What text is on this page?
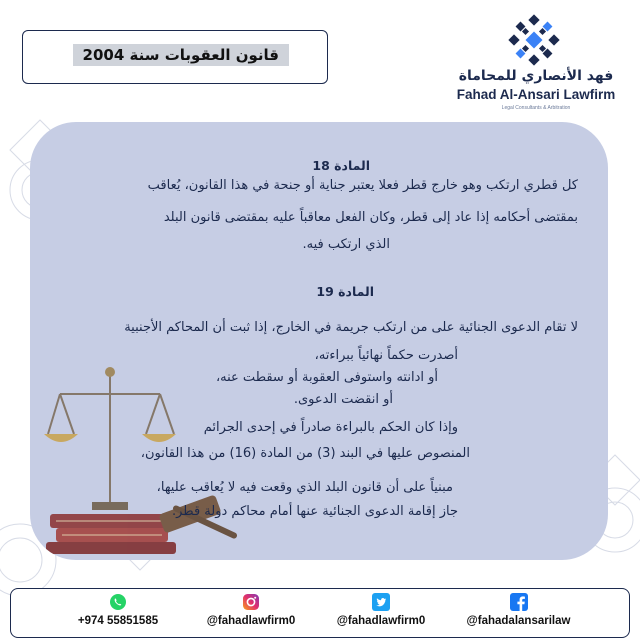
قانون العقوبات سنة 2004
فهد الأنصاري للمحاماة
Fahad Al-Ansari Lawfirm
Legal Consultants & Arbitration
المادة 18
كل قطري ارتكب وهو خارج قطر فعلا يعتبر جناية أو جنحة في هذا القانون، يُعاقب
بمقتضى أحكامه إذا عاد إلى قطر، وكان الفعل معاقباً عليه بمقتضى قانون البلد
الذي ارتكب فيه.
المادة 19
لا تقام الدعوى الجنائية على من ارتكب جريمة في الخارج، إذا ثبت أن المحاكم الأجنبية
أصدرت حكماً نهائياً ببراءته،
أو ادانته واستوفى العقوبة أو سقطت عنه،
أو انقضت الدعوى.
وإذا كان الحكم بالبراءة صادراً في إحدى الجرائم
المنصوص عليها في البند (3) من المادة (16) من هذا القانون،
مبنياً على أن قانون البلد الذي وقعت فيه لا يُعاقب عليها،
جاز إقامة الدعوى الجنائية عنها أمام محاكم دولة قطر.
+974 55851585	@fahadlawfirm0	@fahadlawfirm0	@fahadalansarilaw
